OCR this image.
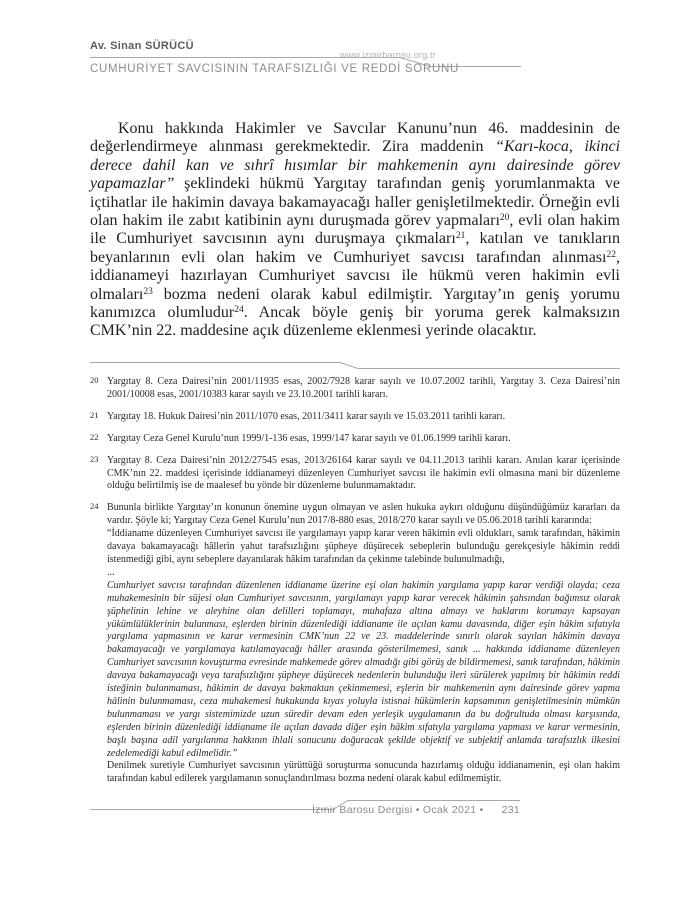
Av. Sinan SÜRÜCÜ
www.izmirbarosu.org.tr
CUMHURİYET SAVCISININ TARAFSIZLIĞI VE REDDİ SORUNU
Konu hakkında Hakimler ve Savcılar Kanunu’nun 46. maddesinin de değerlendirmeye alınması gerekmektedir. Zira maddenin “Karı-koca, ikinci derece dahil kan ve sıhrî hısımlar bir mahkemenin aynı dairesinde görev yapamazlar” şeklindeki hükmü Yargıtay tarafından geniş yorumlanmakta ve içtihatlar ile hakimin davaya bakamayacağı haller genişletilmektedir. Örneğin evli olan hakim ile zabıt katibinin aynı duruşmada görev yapmaları$^{20}$, evli olan hakim ile Cumhuriyet savcısının aynı duruşmaya çıkmaları$^{21}$, katılan ve tanıkların beyanlarının evli olan hakim ve Cumhuriyet savcısı tarafından alınması$^{22}$, iddianameyi hazırlayan Cumhuriyet savcısı ile hükmü veren hakimin evli olmaları$^{23}$ bozma nedeni olarak kabul edilmiştir. Yargıtay’ın geniş yorumu kanımızca olumludur$^{24}$. Ancak böyle geniş bir yoruma gerek kalmaksızın CMK’nin 22. maddesine açık düzenleme eklenmesi yerinde olacaktır.
20 Yargıtay 8. Ceza Dairesi’nin 2001/11935 esas, 2002/7928 karar sayılı ve 10.07.2002 tarihli, Yargıtay 3. Ceza Dairesi’nin 2001/10008 esas, 2001/10383 karar sayılı ve 23.10.2001 tarihli kararı.

21 Yargıtay 18. Hukuk Dairesi’nin 2011/1070 esas, 2011/3411 karar sayılı ve 15.03.2011 tarihli kararı.

22 Yargıtay Ceza Genel Kurulu’nun 1999/1-136 esas, 1999/147 karar sayılı ve 01.06.1999 tarihli kararı.

23 Yargıtay 8. Ceza Dairesi’nin 2012/27545 esas, 2013/26164 karar sayılı ve 04.11.2013 tarihli kararı. Anılan karar içerisinde CMK’nın 22. maddesi içerisinde iddianameyi düzenleyen Cumhuriyet savcısı ile hakimin evli olmasına mani bir düzenleme olduğu belirtilmiş ise de maalesef bu yönde bir düzenleme bulunmamaktadır.

24 Bununla birlikte Yargıtay’ın konunun önemine uygun olmayan ve aslen hukuka aykırı olduğunu düşündüğümüz kararları da vardır. Şöyle ki; Yargıtay Ceza Genel Kurulu’nun 2017/8-880 esas, 2018/270 karar sayılı ve 05.06.2018 tarihli kararında:

“İddianame düzenleyen Cumhuriyet savcısı ile yargılamayı yapıp karar veren hâkimin evli oldukları, sanık tarafından, hâkimin davaya bakamayacağı hâllerin yahut tarafsızlığını şüpheye düşürecek sebeplerin bulunduğu gerekçesiyle hâkimin reddi istenmediği gibi, aynı sebeplere dayanılarak hâkim tarafından da çekinme talebinde bulunulmadığı,

...

Cumhuriyet savcısı tarafından düzenlenen iddianame üzerine eşi olan hakimin yargılama yapıp karar verdiği olayda; ceza muhakemesinin bir süjesi olan Cumhuriyet savcısının, yargılamayı yapıp karar verecek hâkimin şahsından bağımsız olarak şüphelinin lehine ve aleyhine olan delilleri toplamayı, muhafaza altına almayı ve haklarını korumayı kapsayan yükümlülüklerinin bulunması, eşlerden birinin düzenlediği iddianame ile açılan kamu davasında, diğer eşin hâkim sıfatıyla yargılama yapmasının ve karar vermesinin CMK’nun 22 ve 23. maddelerinde sınırlı olarak sayılan hâkimin davaya bakamayacağı ve yargılamaya katılamayacağı hâller arasında gösterilmemesi, sanık ... hakkında iddianame düzenleyen Cumhuriyet savcısının kovuşturma evresinde mahkemede görev almadığı gibi görüş de bildirmemesi, sanık tarafından, hâkimin davaya bakamayacağı veya tarafsızlığını şüpheye düşürecek nedenlerin bulunduğu ileri sürülerek yapılmış bir hâkimin reddi isteğinin bulunmaması, hâkimin de davaya bakmaktan çekinmemesi, eşlerin bir mahkemenin aynı dairesinde görev yapma hâlinin bulunmaması, ceza muhakemesi hukukunda kıyas yoluyla istisnai hükümlerin kapsamının genişletilmesinin mümkün bulunmaması ve yargı sistemimizde uzun süredir devam eden yerleşik uygulamanın da bu doğrultuda olması karşısında, eşlerden birinin düzenlediği iddianame ile açılan davada diğer eşin hâkim sıfatıyla yargılama yapması ve karar vermesinin, başlı başına adil yargılanma hakkının ihlali sonucunu doğuracak şekilde objektif ve subjektif anlamda tarafsızlık ilkesini zedelemediği kabul edilmelidir.”

Denilmek suretiyle Cumhuriyet savcısının yürüttüğü soruşturma sonucunda hazırlamış olduğu iddianamenin, eşi olan hakim tarafından kabul edilerek yargılamanın sonuçlandırılması bozma nedeni olarak kabul edilmemiştir.

İzmir Barosu Dergisi • Ocak 2021 • 231
